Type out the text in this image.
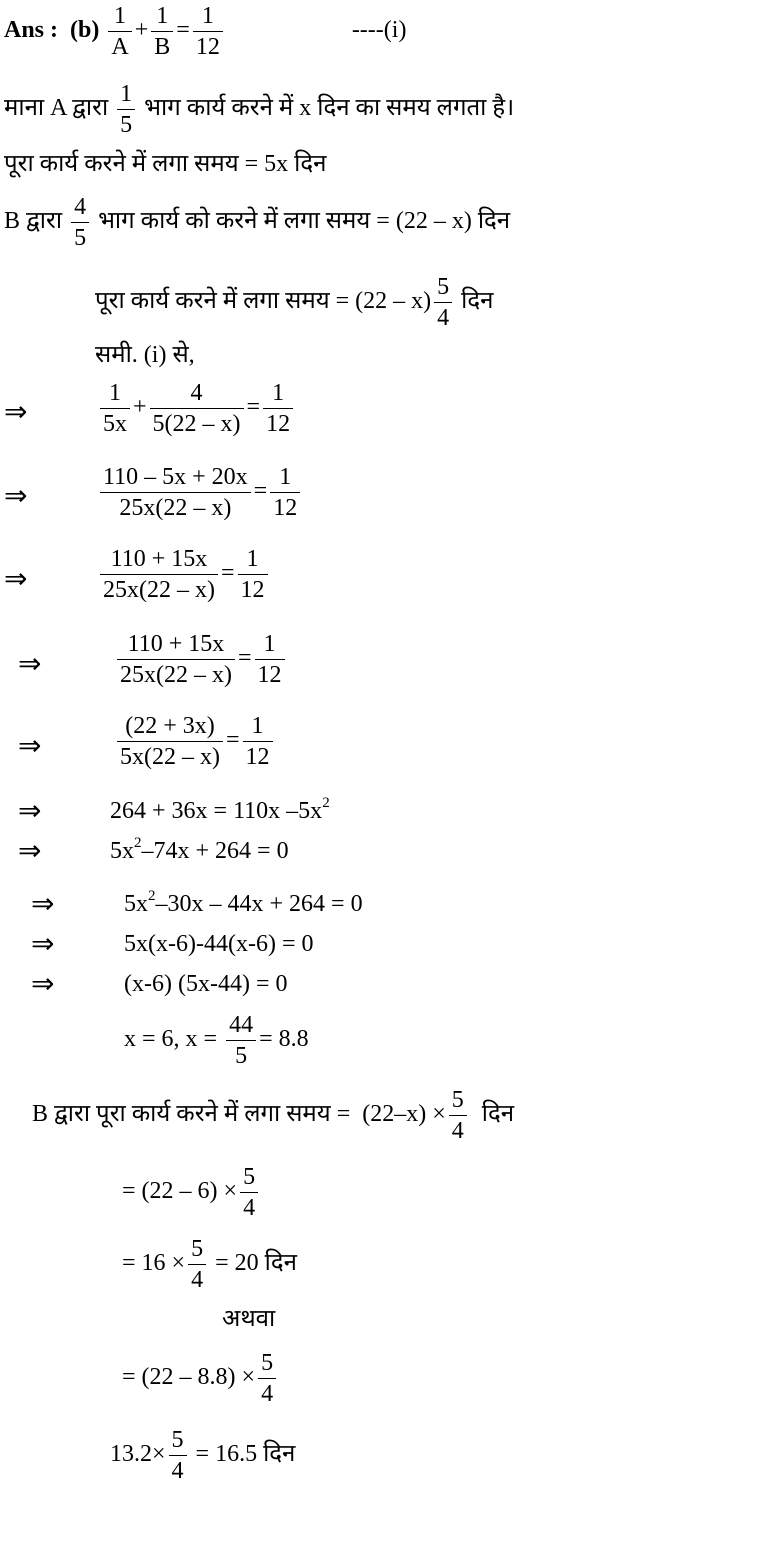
Ans : $(b) \frac{1}{A} + \frac{1}{B} = \frac{1}{12}$	----(i)
माना A द्वारा $\frac{1}{5}$ भाग कार्य करने में x दिन का समय लगता है।
पूरा कार्य करने में लगा समय = 5x दिन
B द्वारा $\frac{4}{5}$ भाग कार्य को करने में लगा समय = (22 – x) दिन
पूरा कार्य करने में लगा समय = $(22 - x) \frac{5}{4}$ दिन
समी. (i) से,
⇒	$\frac{1}{5x} + \frac{4}{5(22 - x)} = \frac{1}{12}$
⇒	$\frac{110 - 5x + 20x}{25x(22 - x)} = \frac{1}{12}$
⇒	$\frac{110 + 15x}{25x(22 - x)} = \frac{1}{12}$
⇒	$\frac{110 + 15x}{25x(22 - x)} = \frac{1}{12}$
⇒	$\frac{(22 + 3x)}{5x(22 - x)} = \frac{1}{12}$
⇒	264 + 36x = 110x $-5x^2$
⇒	$5x^2-74x + 264 = 0$
⇒	$5x^2-30x - 44x + 264 = 0$
⇒	5x(x-6)-44(x-6) = 0
⇒	(x-6) (5x-44) = 0
x = 6, $x = \frac{44}{5} = 8.8$
B द्वारा पूरा कार्य करने में लगा समय = $(22-x) \times \frac{5}{4}$ दिन
= $(22 - 6) \times \frac{5}{4}$
= $16 \times \frac{5}{4} = 20$ दिन
अथवा
= $(22 - 8.8) \times \frac{5}{4}$
$13.2\times \frac{5}{4} = 16.5$ दिन
